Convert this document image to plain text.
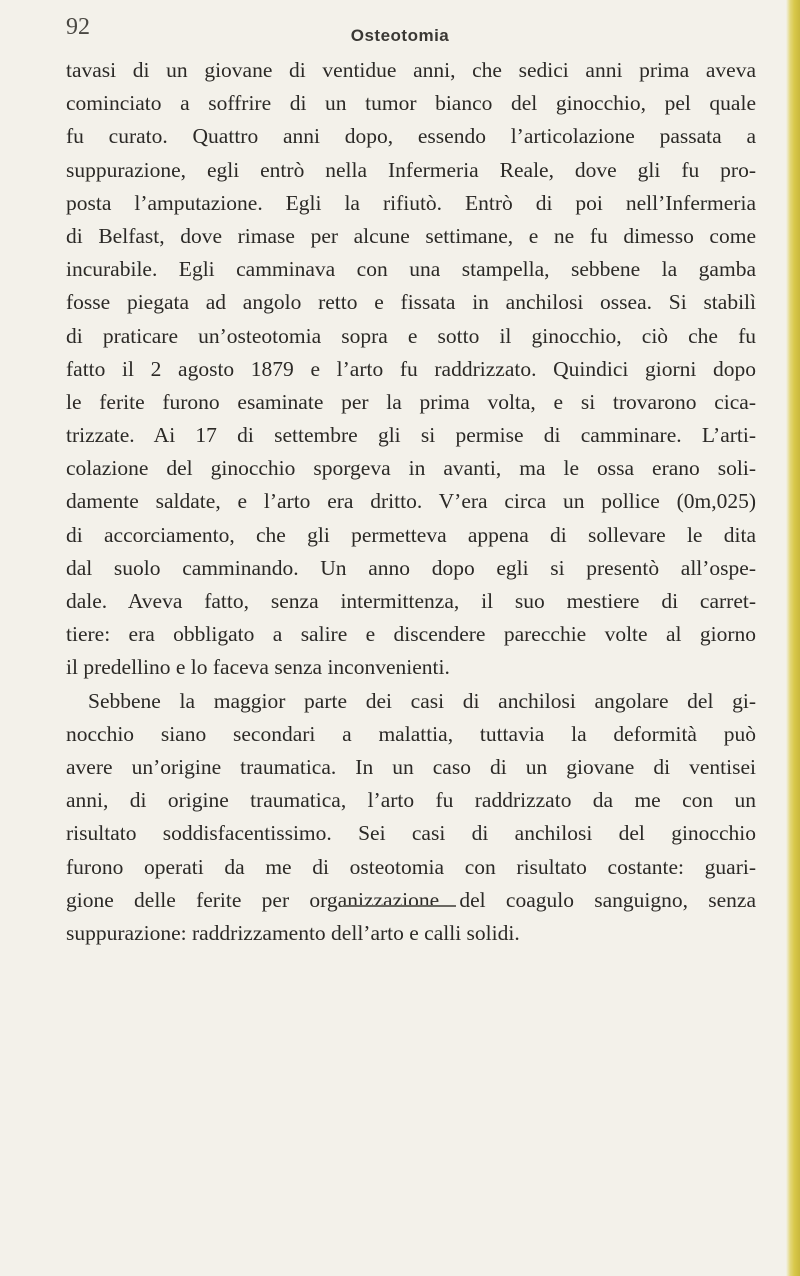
92	Osteotomia
tavasi di un giovane di ventidue anni, che sedici anni prima aveva
cominciato a soffrire di un tumor bianco del ginocchio, pel quale
fu curato. Quattro anni dopo, essendo l’articolazione passata a
suppurazione, egli entrò nella Infermeria Reale, dove gli fu pro-
posta l’amputazione. Egli la rifiutò. Entrò di poi nell’Infermeria
di Belfast, dove rimase per alcune settimane, e ne fu dimesso come
incurabile. Egli camminava con una stampella, sebbene la gamba
fosse piegata ad angolo retto e fissata in anchilosi ossea. Si stabilì
di praticare un’osteotomia sopra e sotto il ginocchio, ciò che fu
fatto il 2 agosto 1879 e l’arto fu raddrizzato. Quindici giorni dopo
le ferite furono esaminate per la prima volta, e si trovarono cica-
trizzate. Ai 17 di settembre gli si permise di camminare. L’arti-
colazione del ginocchio sporgeva in avanti, ma le ossa erano soli-
damente saldate, e l’arto era dritto. V’era circa un pollice (0m,025)
di accorciamento, che gli permetteva appena di sollevare le dita
dal suolo camminando. Un anno dopo egli si presentò all’ospe-
dale. Aveva fatto, senza intermittenza, il suo mestiere di carret-
tiere: era obbligato a salire e discendere parecchie volte al giorno
il predellino e lo faceva senza inconvenienti.
Sebbene la maggior parte dei casi di anchilosi angolare del gi-
nocchio siano secondari a malattia, tuttavia la deformità può
avere un’origine traumatica. In un caso di un giovane di ventisei
anni, di origine traumatica, l’arto fu raddrizzato da me con un
risultato soddisfacentissimo. Sei casi di anchilosi del ginocchio
furono operati da me di osteotomia con risultato costante: guari-
gione delle ferite per organizzazione del coagulo sanguigno, senza
suppurazione: raddrizzamento dell’arto e calli solidi.
